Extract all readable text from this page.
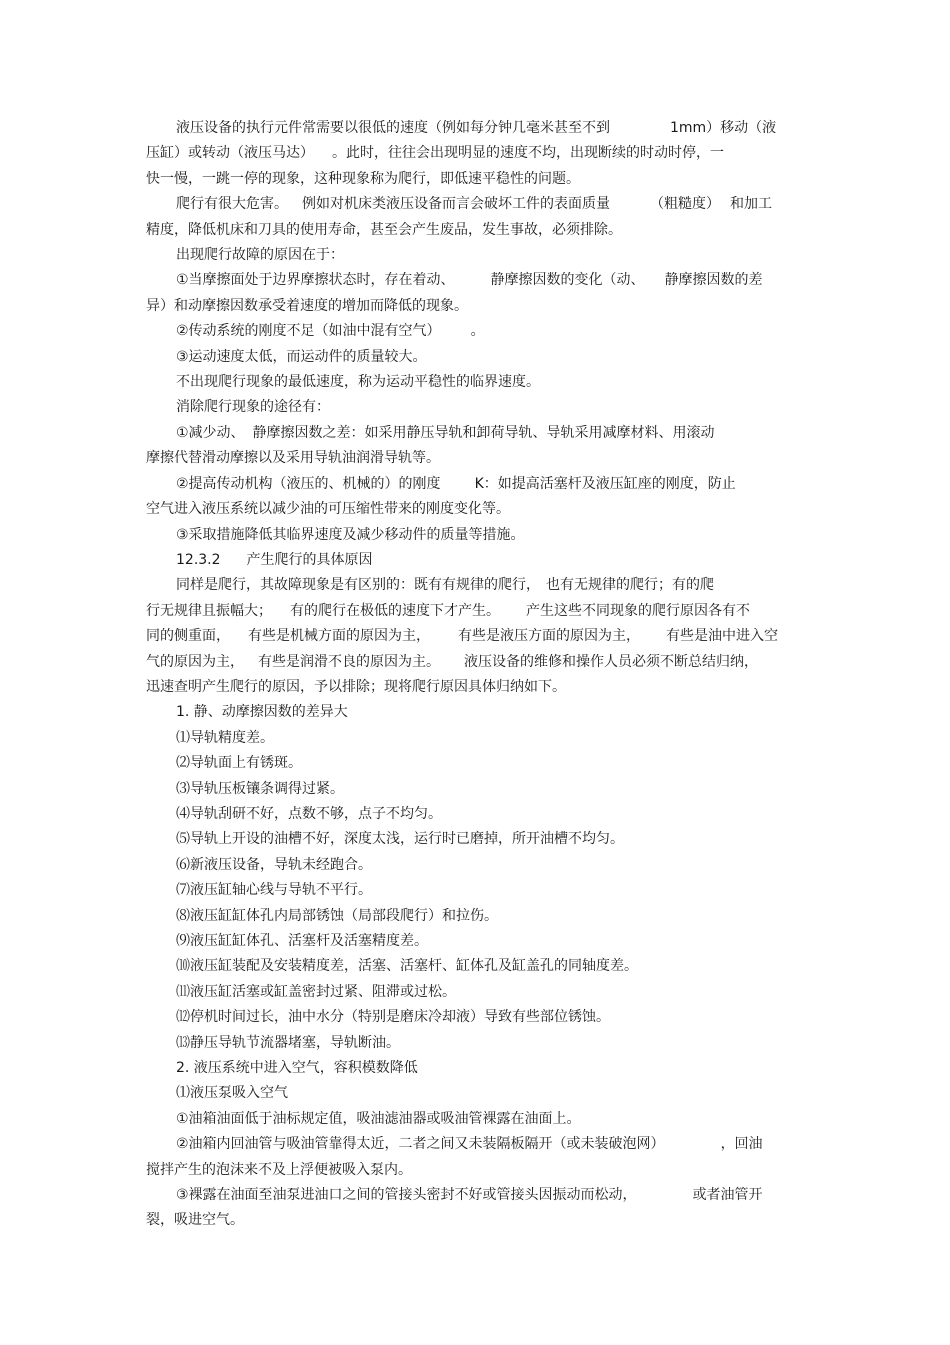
液压设备的执行元件常需要以很低的速度（例如每分钟几毫米甚至不到	1mm）移动（液

压缸）或转动（液压马达） 。此时，往往会出现明显的速度不均，出现断续的时动时停，一

快一慢，一跳一停的现象，这种现象称为爬行，即低速平稳性的问题。

爬行有很大危害。 例如对机床类液压设备而言会破坏工件的表面质量	（粗糙度） 和加工

精度，降低机床和刀具的使用寿命，甚至会产生废品，发生事故，必须排除。

出现爬行故障的原因在于：

①当摩擦面处于边界摩擦状态时，存在着动、	静摩擦因数的变化（动、 静摩擦因数的差

异）和动摩擦因数承受着速度的增加而降低的现象。

②传动系统的刚度不足（如油中混有空气） 。

③运动速度太低，而运动件的质量较大。

不出现爬行现象的最低速度，称为运动平稳性的临界速度。

消除爬行现象的途径有：

①减少动、 静摩擦因数之差：如采用静压导轨和卸荷导轨、导轨采用减摩材料、用滚动

摩擦代替滑动摩擦以及采用导轨油润滑导轨等。

②提高传动机构（液压的、机械的）的刚度 K：如提高活塞杆及液压缸座的刚度，防止

空气进入液压系统以减少油的可压缩性带来的刚度变化等。

③采取措施降低其临界速度及减少移动件的质量等措施。

12.3.2 产生爬行的具体原因

同样是爬行，其故障现象是有区别的：既有有规律的爬行， 也有无规律的爬行；有的爬

行无规律且振幅大； 有的爬行在极低的速度下才产生。 产生这些不同现象的爬行原因各有不

同的侧重面， 有些是机械方面的原因为主， 有些是液压方面的原因为主， 有些是油中进入空

气的原因为主， 有些是润滑不良的原因为主。 液压设备的维修和操作人员必须不断总结归纳，

迅速查明产生爬行的原因，予以排除；现将爬行原因具体归纳如下。

1. 静、动摩擦因数的差异大

⑴导轨精度差。

⑵导轨面上有锈斑。

⑶导轨压板镶条调得过紧。

⑷导轨刮研不好，点数不够，点子不均匀。

⑸导轨上开设的油槽不好，深度太浅，运行时已磨掉，所开油槽不均匀。

⑹新液压设备，导轨未经跑合。

⑺液压缸轴心线与导轨不平行。

⑻液压缸缸体孔内局部锈蚀（局部段爬行）和拉伤。

⑼液压缸缸体孔、活塞杆及活塞精度差。

⑽液压缸装配及安装精度差，活塞、活塞杆、缸体孔及缸盖孔的同轴度差。

⑾液压缸活塞或缸盖密封过紧、阻滞或过松。

⑿停机时间过长，油中水分（特别是磨床冷却液）导致有些部位锈蚀。

⒀静压导轨节流器堵塞，导轨断油。

2. 液压系统中进入空气，容积模数降低

⑴液压泵吸入空气

①油箱油面低于油标规定值，吸油滤油器或吸油管裸露在油面上。

②油箱内回油管与吸油管靠得太近，二者之间又未装隔板隔开（或未装破泡网）	，回油

搅拌产生的泡沫来不及上浮便被吸入泵内。

③裸露在油面至油泵进油口之间的管接头密封不好或管接头因振动而松动，	或者油管开

裂，吸进空气。
